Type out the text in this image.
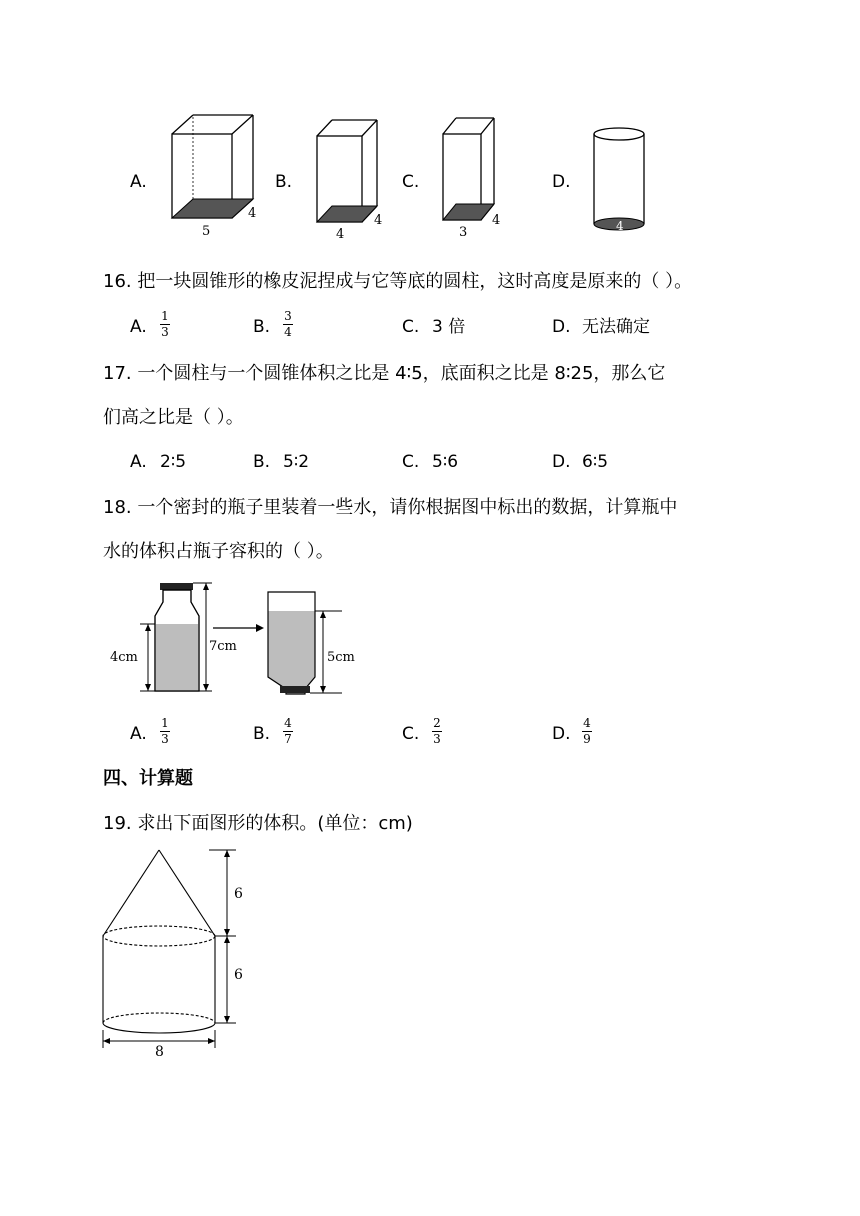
A.
4
5
B.
4
4
C.
4
3
D.
4
16. 把一块圆锥形的橡皮泥捏成与它等底的圆柱，这时高度是原来的（ ）。
A.
1
3	B.
3
4	C. 3 倍	D. 无法确定
17. 一个圆柱与一个圆锥体积之比是 4∶5，底面积之比是 8∶25，那么它
们高之比是（ ）。
A. 2∶5	B. 5∶2	C. 5∶6	D. 6∶5
18. 一个密封的瓶子里装着一些水，请你根据图中标出的数据，计算瓶中
水的体积占瓶子容积的（ ）。
4cm
7cm
5cm
A.
1
3	B.
4
7	C.
2
3	D.
4
9
四、计算题
19. 求出下面图形的体积。(单位：cm)
6
6
8
